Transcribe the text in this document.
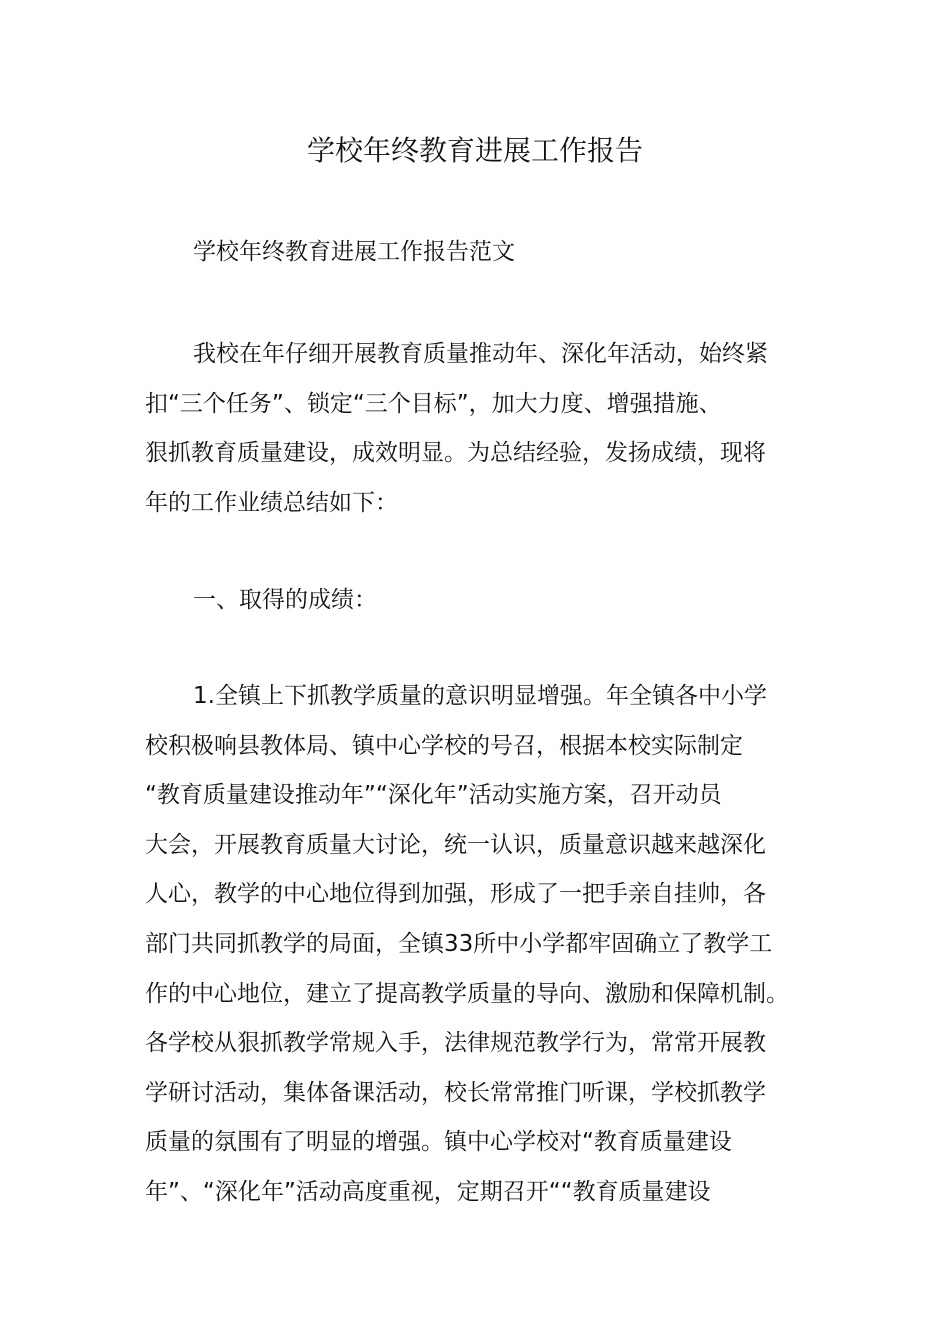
学校年终教育进展工作报告
学校年终教育进展工作报告范文
我校在年仔细开展教育质量推动年、深化年活动，始终紧
扣“三个任务”、锁定“三个目标”，加大力度、增强措施、
狠抓教育质量建设，成效明显。为总结经验，发扬成绩，现将
年的工作业绩总结如下：
一、取得的成绩：
1.全镇上下抓教学质量的意识明显增强。年全镇各中小学
校积极响县教体局、镇中心学校的号召，根据本校实际制定
“教育质量建设推动年”“深化年”活动实施方案，召开动员
大会，开展教育质量大讨论，统一认识，质量意识越来越深化
人心，教学的中心地位得到加强，形成了一把手亲自挂帅，各
部门共同抓教学的局面，全镇33所中小学都牢固确立了教学工
作的中心地位，建立了提高教学质量的导向、激励和保障机制。
各学校从狠抓教学常规入手，法律规范教学行为，常常开展教
学研讨活动，集体备课活动，校长常常推门听课，学校抓教学
质量的氛围有了明显的增强。镇中心学校对“教育质量建设
年”、“深化年”活动高度重视，定期召开““教育质量建设
